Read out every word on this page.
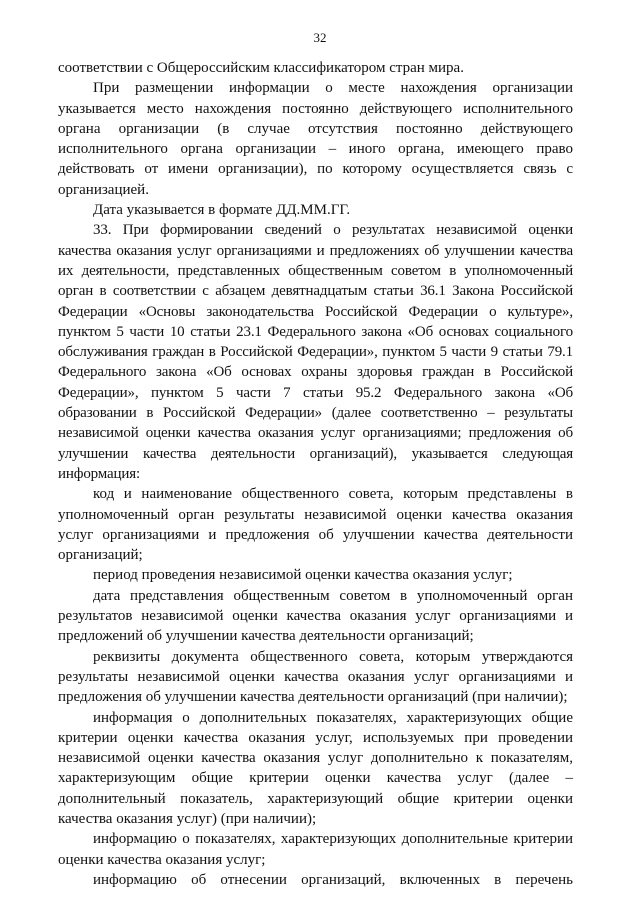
32

соответствии с Общероссийским классификатором стран мира.

При размещении информации о месте нахождения организации указывается место нахождения постоянно действующего исполнительного органа организации (в случае отсутствия постоянно действующего исполнительного органа организации – иного органа, имеющего право действовать от имени организации), по которому осуществляется связь с организацией.

Дата указывается в формате ДД.ММ.ГГ.

33. При формировании сведений о результатах независимой оценки качества оказания услуг организациями и предложениях об улучшении качества их деятельности, представленных общественным советом в уполномоченный орган в соответствии с абзацем девятнадцатым статьи 36.1 Закона Российской Федерации «Основы законодательства Российской Федерации о культуре», пунктом 5 части 10 статьи 23.1 Федерального закона «Об основах социального обслуживания граждан в Российской Федерации», пунктом 5 части 9 статьи 79.1 Федерального закона «Об основах охраны здоровья граждан в Российской Федерации», пунктом 5 части 7 статьи 95.2 Федерального закона «Об образовании в Российской Федерации» (далее соответственно – результаты независимой оценки качества оказания услуг организациями; предложения об улучшении качества деятельности организаций), указывается следующая информация:

код и наименование общественного совета, которым представлены в уполномоченный орган результаты независимой оценки качества оказания услуг организациями и предложения об улучшении качества деятельности организаций;

период проведения независимой оценки качества оказания услуг;

дата представления общественным советом в уполномоченный орган результатов независимой оценки качества оказания услуг организациями и предложений об улучшении качества деятельности организаций;

реквизиты документа общественного совета, которым утверждаются результаты независимой оценки качества оказания услуг организациями и предложения об улучшении качества деятельности организаций (при наличии);

информация о дополнительных показателях, характеризующих общие критерии оценки качества оказания услуг, используемых при проведении независимой оценки качества оказания услуг дополнительно к показателям, характеризующим общие критерии оценки качества услуг (далее – дополнительный показатель, характеризующий общие критерии оценки качества оказания услуг) (при наличии);

информацию о показателях, характеризующих дополнительные критерии оценки качества оказания услуг;

информацию об отнесении организаций, включенных в перечень
